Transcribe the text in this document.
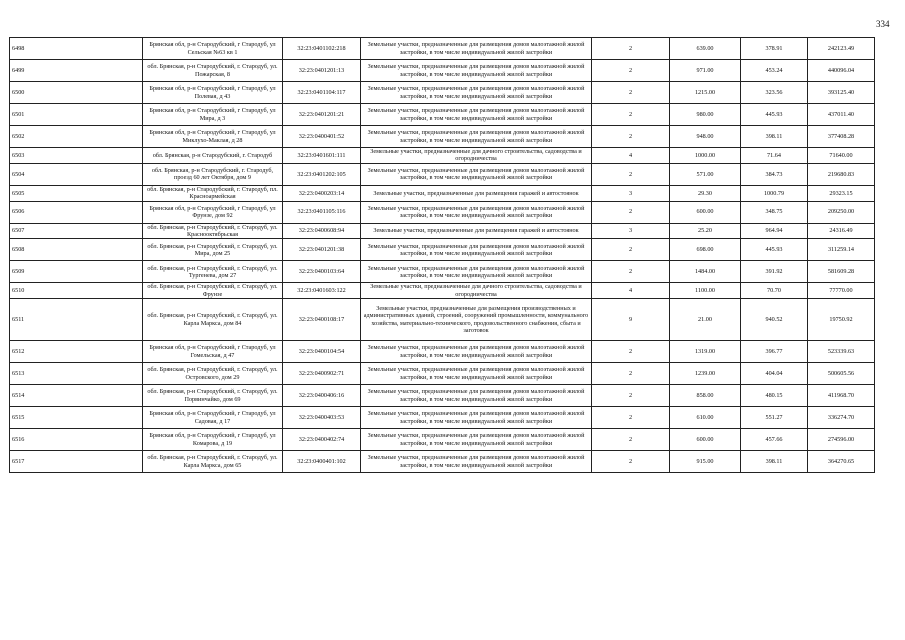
334
6498	Брянская обл, р-н Стародубский, г Стародуб, ул Сельская №63 кв 1	32:23:0401102:218	Земельные участки, предназначенные для размещения домов малоэтажной жилой застройки, в том числе индивидуальной жилой застройки	2	639.00	378.91	242123.49
6499	обл. Брянская, р-н Стародубский, г. Стародуб, ул. Пожарская, 8	32:23:0401201:13	Земельные участки, предназначенные для размещения домов малоэтажной жилой застройки, в том числе индивидуальной жилой застройки	2	971.00	453.24	440096.04
6500	Брянская обл, р-н Стародубский, г Стародуб, ул Полевая, д 43	32:23:0401104:117	Земельные участки, предназначенные для размещения домов малоэтажной жилой застройки, в том числе индивидуальной жилой застройки	2	1215.00	323.56	393125.40
6501	Брянская обл, р-н Стародубский, г Стародуб, ул Мира, д 3	32:23:0401201:21	Земельные участки, предназначенные для размещения домов малоэтажной жилой застройки, в том числе индивидуальной жилой застройки	2	980.00	445.93	437011.40
6502	Брянская обл, р-н Стародубский, г Стародуб, ул Миклухо-Маклая, д 28	32:23:0400401:52	Земельные участки, предназначенные для размещения домов малоэтажной жилой застройки, в том числе индивидуальной жилой застройки	2	948.00	398.11	377408.28
6503	обл. Брянская, р-н Стародубский, г. Стародуб	32:23:0401601:111	Земельные участки, предназначенные для дачного строительства, садоводства и огородничества	4	1000.00	71.64	71640.00
6504	обл. Брянская, р-н Стародубский, г. Стародуб, проезд 60 лет Октября, дом 9	32:23:0401202:105	Земельные участки, предназначенные для размещения домов малоэтажной жилой застройки, в том числе индивидуальной жилой застройки	2	571.00	384.73	219680.83
6505	обл. Брянская, р-н Стародубский, г. Стародуб, пл. Красноармейская	32:23:0400203:14	Земельные участки, предназначенные для размещения гаражей и автостоянок	3	29.30	1000.79	29323.15
6506	Брянская обл, р-н Стародубский, г Стародуб, ул Фрунзе, дом 92	32:23:0401105:116	Земельные участки, предназначенные для размещения домов малоэтажной жилой застройки, в том числе индивидуальной жилой застройки	2	600.00	348.75	209250.00
6507	обл. Брянская, р-н Стародубский, г. Стародуб, ул. Краснооктябрьская	32:23:0400608:94	Земельные участки, предназначенные для размещения гаражей и автостоянок	3	25.20	964.94	24316.49
6508	обл. Брянская, р-н Стародубский, г. Стародуб, ул. Мира, дом 25	32:23:0401201:38	Земельные участки, предназначенные для размещения домов малоэтажной жилой застройки, в том числе индивидуальной жилой застройки	2	698.00	445.93	311259.14
6509	обл. Брянская, р-н Стародубский, г. Стародуб, ул. Тургенева, дом 27	32:23:0400103:64	Земельные участки, предназначенные для размещения домов малоэтажной жилой застройки, в том числе индивидуальной жилой застройки	2	1484.00	391.92	581609.28
6510	обл. Брянская, р-н Стародубский, г. Стародуб, ул. Фрунзе	32:23:0401603:122	Земельные участки, предназначенные для дачного строительства, садоводства и огородничества	4	1100.00	70.70	77770.00
6511	обл. Брянская, р-н Стародубский, г. Стародуб, ул. Карла Маркса, дом 84	32:23:0400108:17	Земельные участки, предназначенные для размещения производственных и административных зданий, строений, сооружений промышленности, коммунального хозяйства, материально-технического, продовольственного снабжения, сбыта и заготовок	9	21.00	940.52	19750.92
6512	Брянская обл, р-н Стародубский, г Стародуб, ул Гомельская, д 47	32:23:0400104:54	Земельные участки, предназначенные для размещения домов малоэтажной жилой застройки, в том числе индивидуальной жилой застройки	2	1319.00	396.77	523339.63
6513	обл. Брянская, р-н Стародубский, г. Стародуб, ул. Островского, дом 29	32:23:0400902:71	Земельные участки, предназначенные для размещения домов малоэтажной жилой застройки, в том числе индивидуальной жилой застройки	2	1239.00	404.04	500605.56
6514	обл. Брянская, р-н Стародубский, г. Стародуб, ул. Порвинчайко, дом 69	32:23:0400406:16	Земельные участки, предназначенные для размещения домов малоэтажной жилой застройки, в том числе индивидуальной жилой застройки	2	858.00	480.15	411968.70
6515	Брянская обл, р-н Стародубский, г Стародуб, ул Садовая, д 17	32:23:0400403:53	Земельные участки, предназначенные для размещения домов малоэтажной жилой застройки, в том числе индивидуальной жилой застройки	2	610.00	551.27	336274.70
6516	Брянская обл, р-н Стародубский, г Стародуб, ул Комарова, д 19	32:23:0400402:74	Земельные участки, предназначенные для размещения домов малоэтажной жилой застройки, в том числе индивидуальной жилой застройки	2	600.00	457.66	274596.00
6517	обл. Брянская, р-н Стародубский, г. Стародуб, ул. Карла Маркса, дом 65	32:23:0400401:102	Земельные участки, предназначенные для размещения домов малоэтажной жилой застройки, в том числе индивидуальной жилой застройки	2	915.00	398.11	364270.65
